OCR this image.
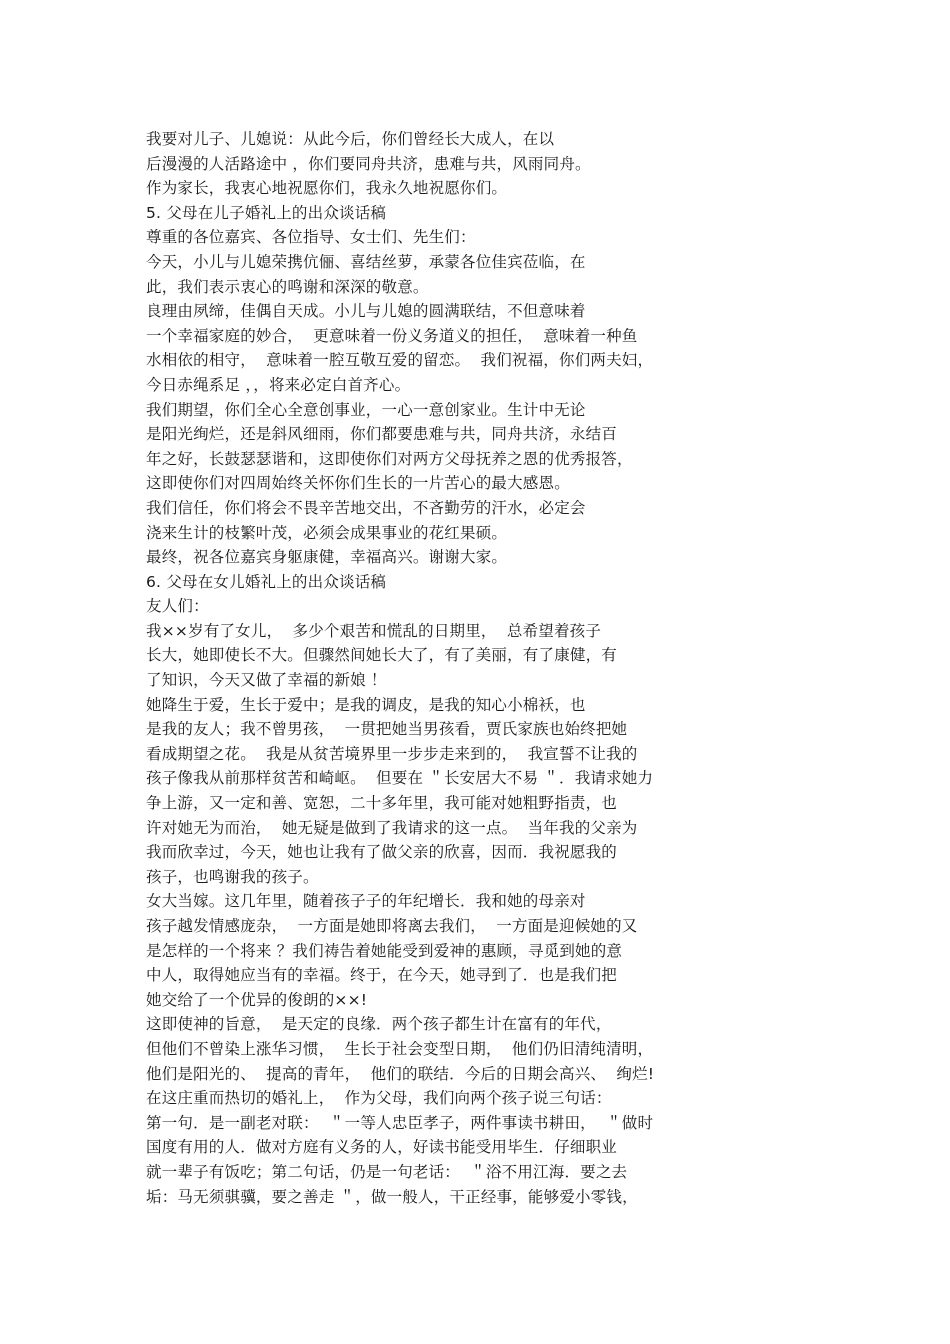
我要对儿子、儿媳说：从此今后，你们曾经长大成人，在以
后漫漫的人活路途中 ，你们要同舟共济，患难与共，风雨同舟。
作为家长，我衷心地祝愿你们，我永久地祝愿你们。
5. 父母在儿子婚礼上的出众谈话稿
尊重的各位嘉宾、各位指导、女士们、先生们：
今天，小儿与儿媳荣携伉俪、喜结丝萝，承蒙各位佳宾莅临，在
此，我们表示衷心的鸣谢和深深的敬意。
良理由夙缔，佳偶自天成。小儿与儿媳的圆满联结，不但意味着
一个幸福家庭的妙合，  更意味着一份义务道义的担任，  意味着一种鱼
水相依的相守，  意味着一腔互敬互爱的留恋。  我们祝福，你们两夫妇，
今日赤绳系足 ，，将来必定白首齐心。
我们期望，你们全心全意创事业，一心一意创家业。生计中无论
是阳光绚烂，还是斜风细雨，你们都要患难与共，同舟共济，永结百
年之好，长鼓瑟瑟谐和，这即使你们对两方父母抚养之恩的优秀报答，
这即使你们对四周始终关怀你们生长的一片苦心的最大感恩。
我们信任，你们将会不畏辛苦地交出，不吝勤劳的汗水，必定会
浇来生计的枝繁叶茂，必须会成果事业的花红果硕。
最终，祝各位嘉宾身躯康健，幸福高兴。谢谢大家。
6. 父母在女儿婚礼上的出众谈话稿
友人们：
我××岁有了女儿，  多少个艰苦和慌乱的日期里，  总希望着孩子
长大，她即使长不大。但骤然间她长大了，有了美丽，有了康健，有
了知识，今天又做了幸福的新娘 ！
她降生于爱，生长于爱中；是我的调皮，是我的知心小棉袄，也
是我的友人；我不曾男孩，  一贯把她当男孩看，贾氏家族也始终把她
看成期望之花。  我是从贫苦境界里一步步走来到的，  我宣誓不让我的
孩子像我从前那样贫苦和崎岖。  但要在 ＂长安居大不易 ＂．我请求她力
争上游，又一定和善、宽恕，二十多年里，我可能对她粗野指责，也
许对她无为而治，  她无疑是做到了我请求的这一点。  当年我的父亲为
我而欣幸过，今天，她也让我有了做父亲的欣喜，因而．我祝愿我的
孩子，也鸣谢我的孩子。
女大当嫁。这几年里，随着孩子子的年纪增长．我和她的母亲对
孩子越发情感庞杂，  一方面是她即将离去我们，  一方面是迎候她的又
是怎样的一个将来 ？我们祷告着她能受到爱神的惠顾，寻觅到她的意
中人，取得她应当有的幸福。终于，在今天，她寻到了．也是我们把
她交给了一个优异的俊朗的××!
这即使神的旨意，  是天定的良缘．两个孩子都生计在富有的年代，
但他们不曾染上涨华习惯，  生长于社会变型日期，  他们仍旧清纯清明，
他们是阳光的、  提高的青年，  他们的联结．今后的日期会高兴、  绚烂!
在这庄重而热切的婚礼上，  作为父母，我们向两个孩子说三句话：
第一句．是一副老对联：  ＂一等人忠臣孝子，两件事读书耕田，  ＂做时
国度有用的人．做对方庭有义务的人，好读书能受用毕生．仔细职业
就一辈子有饭吃；第二句话，仍是一句老话：  ＂浴不用江海．要之去
垢：马无须骐骥，要之善走 ＂，做一般人，干正经事，能够爱小零钱，
